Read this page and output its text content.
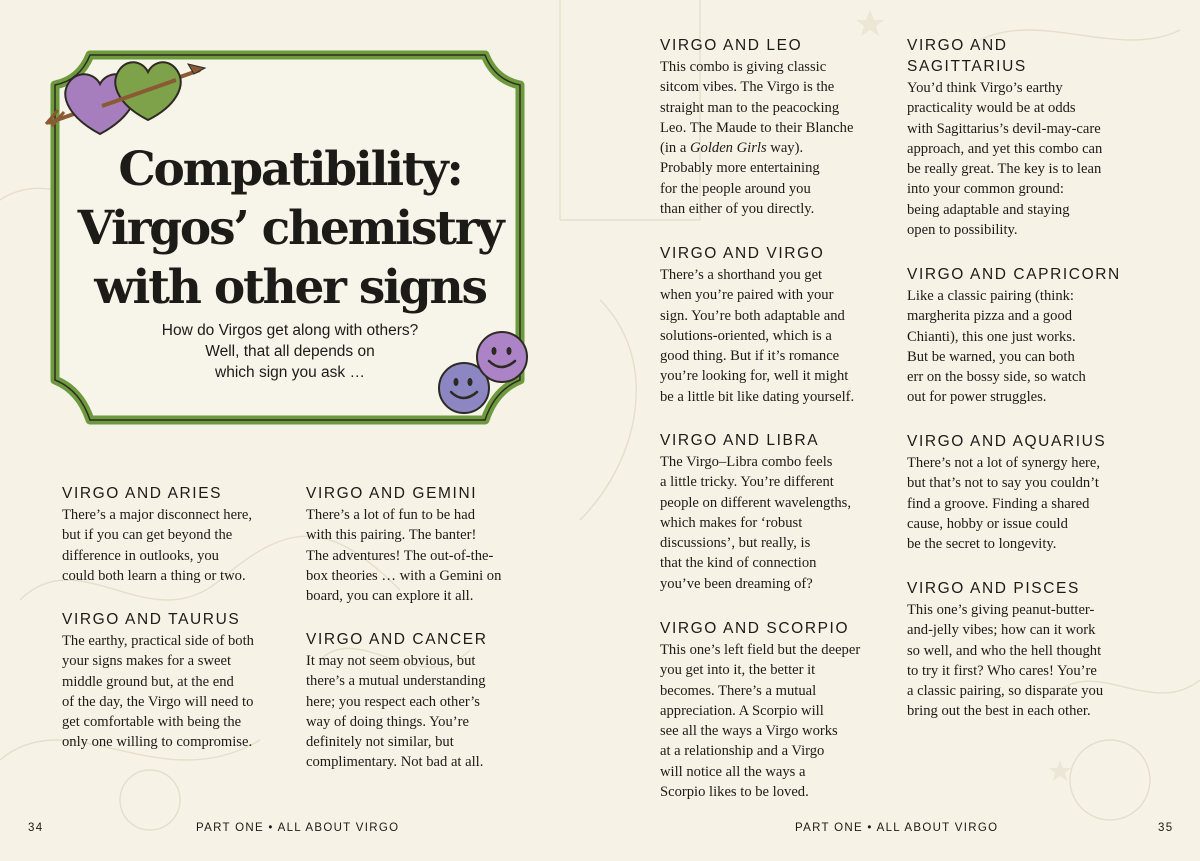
Compatibility:
Virgos’ chemistry
with other signs
How do Virgos get along with others?
Well, that all depends on
which sign you ask …
VIRGO AND ARIES
There’s a major disconnect here,
but if you can get beyond the
difference in outlooks, you
could both learn a thing or two.
VIRGO AND TAURUS
The earthy, practical side of both
your signs makes for a sweet
middle ground but, at the end
of the day, the Virgo will need to
get comfortable with being the
only one willing to compromise.
VIRGO AND GEMINI
There’s a lot of fun to be had
with this pairing. The banter!
The adventures! The out-of-the-
box theories … with a Gemini on
board, you can explore it all.
VIRGO AND CANCER
It may not seem obvious, but
there’s a mutual understanding
here; you respect each other’s
way of doing things. You’re
definitely not similar, but
complimentary. Not bad at all.
VIRGO AND LEO
This combo is giving classic
sitcom vibes. The Virgo is the
straight man to the peacocking
Leo. The Maude to their Blanche
(in a Golden Girls way).
Probably more entertaining
for the people around you
than either of you directly.
VIRGO AND VIRGO
There’s a shorthand you get
when you’re paired with your
sign. You’re both adaptable and
solutions-oriented, which is a
good thing. But if it’s romance
you’re looking for, well it might
be a little bit like dating yourself.
VIRGO AND LIBRA
The Virgo–Libra combo feels
a little tricky. You’re different
people on different wavelengths,
which makes for ‘robust
discussions’, but really, is
that the kind of connection
you’ve been dreaming of?
VIRGO AND SCORPIO
This one’s left field but the deeper
you get into it, the better it
becomes. There’s a mutual
appreciation. A Scorpio will
see all the ways a Virgo works
at a relationship and a Virgo
will notice all the ways a
Scorpio likes to be loved.
VIRGO AND
SAGITTARIUS
You’d think Virgo’s earthy
practicality would be at odds
with Sagittarius’s devil-may-care
approach, and yet this combo can
be really great. The key is to lean
into your common ground:
being adaptable and staying
open to possibility.
VIRGO AND CAPRICORN
Like a classic pairing (think:
margherita pizza and a good
Chianti), this one just works.
But be warned, you can both
err on the bossy side, so watch
out for power struggles.
VIRGO AND AQUARIUS
There’s not a lot of synergy here,
but that’s not to say you couldn’t
find a groove. Finding a shared
cause, hobby or issue could
be the secret to longevity.
VIRGO AND PISCES
This one’s giving peanut-butter-
and-jelly vibes; how can it work
so well, and who the hell thought
to try it first? Who cares! You’re
a classic pairing, so disparate you
bring out the best in each other.
34	PART ONE • ALL ABOUT VIRGO	PART ONE • ALL ABOUT VIRGO	35
